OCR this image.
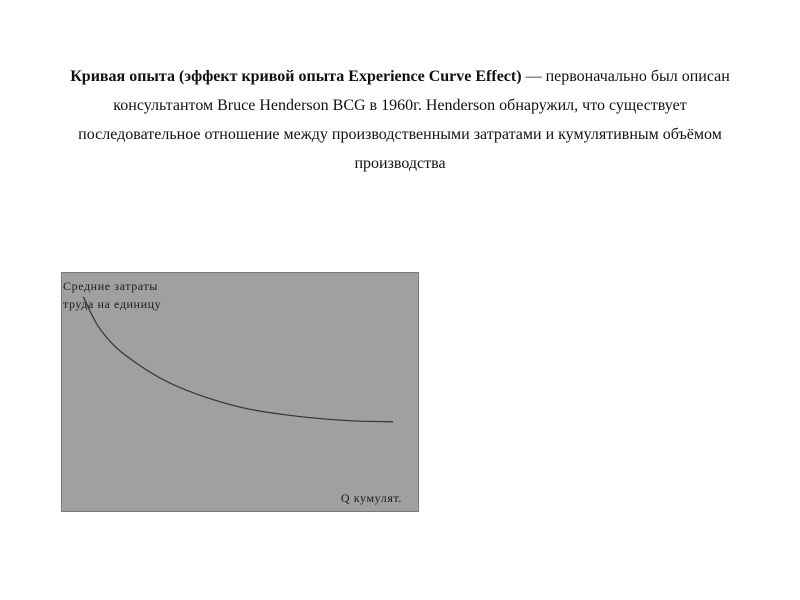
Кривая опыта (эффект кривой опыта Experience Curve Effect) — первоначально был описан консультантом Bruce Henderson BCG в 1960г. Henderson обнаружил, что существует последовательное отношение между производственными затратами и кумулятивным объёмом производства

Средние затраты
труда на единицу
Q кумулят.
